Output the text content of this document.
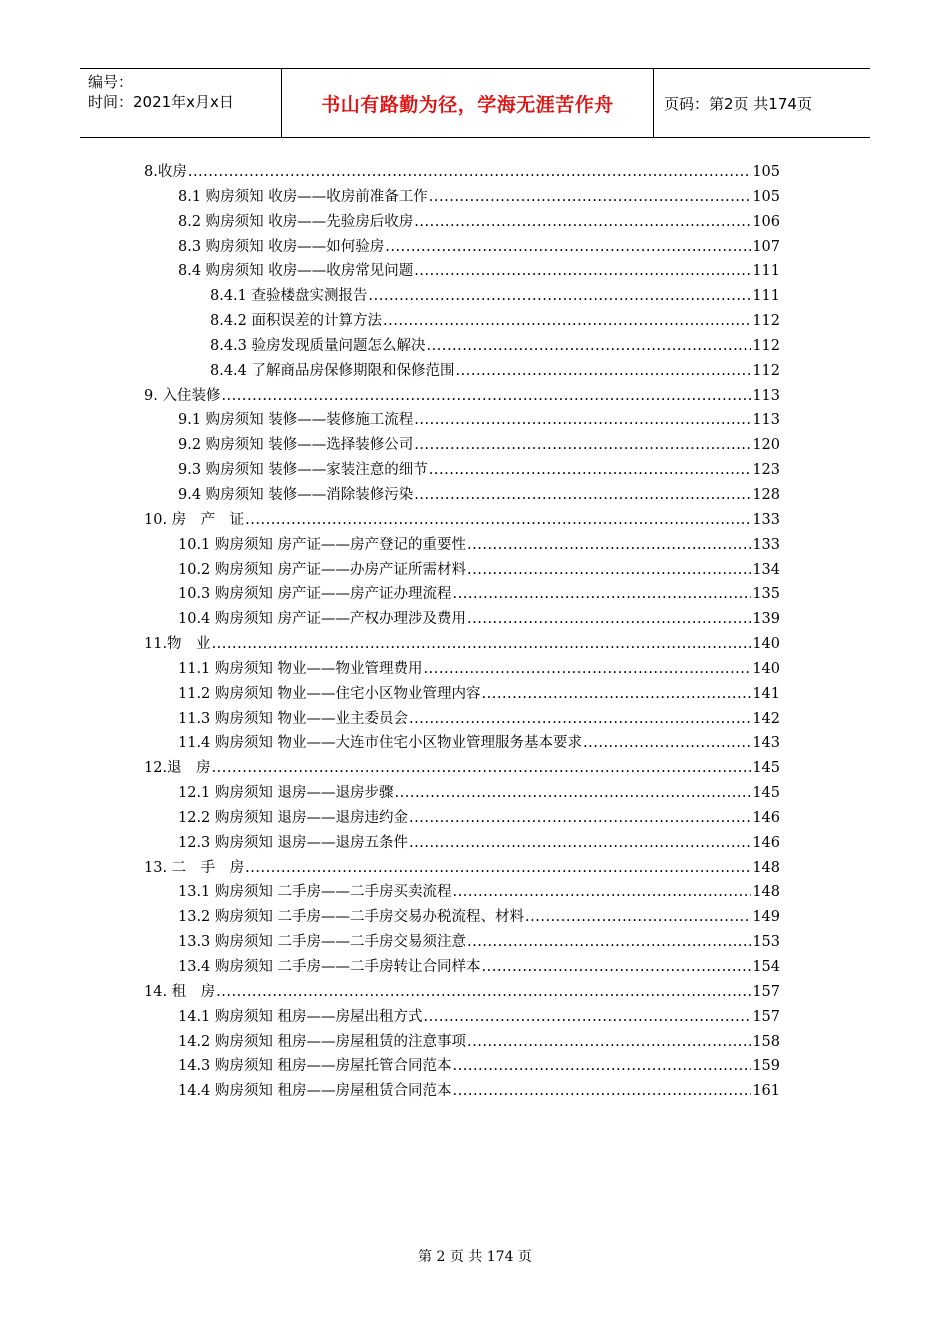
编号：
时间：2021年x月x日	书山有路勤为径，学海无涯苦作舟	页码：第2页 共174页
8.收房 .....	105
8.1 购房须知 收房——收房前准备工作 .....	105
8.2 购房须知 收房——先验房后收房 .....	106
8.3 购房须知 收房——如何验房 .....	107
8.4 购房须知 收房——收房常见问题 .....	111
8.4.1 查验楼盘实测报告 .....	111
8.4.2 面积误差的计算方法 .....	112
8.4.3 验房发现质量问题怎么解决 .....	112
8.4.4 了解商品房保修期限和保修范围 .....	112
9. 入住装修 .....	113
9.1 购房须知 装修——装修施工流程 .....	113
9.2 购房须知 装修——选择装修公司 .....	120
9.3 购房须知 装修——家装注意的细节 .....	123
9.4 购房须知 装修——消除装修污染 .....	128
10. 房　产　证 .....	133
10.1 购房须知 房产证——房产登记的重要性 .....	133
10.2 购房须知 房产证——办房产证所需材料 .....	134
10.3 购房须知 房产证——房产证办理流程 .....	135
10.4 购房须知 房产证——产权办理涉及费用 .....	139
11.物　业 .....	140
11.1 购房须知 物业——物业管理费用 .....	140
11.2 购房须知 物业——住宅小区物业管理内容 .....	141
11.3 购房须知 物业——业主委员会 .....	142
11.4 购房须知 物业——大连市住宅小区物业管理服务基本要求 .....	143
12.退　房 .....	145
12.1 购房须知 退房——退房步骤 .....	145
12.2 购房须知 退房——退房违约金 .....	146
12.3 购房须知 退房——退房五条件 .....	146
13. 二　手　房 .....	148
13.1 购房须知 二手房——二手房买卖流程 .....	148
13.2 购房须知 二手房——二手房交易办税流程、材料 .....	149
13.3 购房须知 二手房——二手房交易须注意 .....	153
13.4 购房须知 二手房——二手房转让合同样本 .....	154
14. 租　房 .....	157
14.1 购房须知 租房——房屋出租方式 .....	157
14.2 购房须知 租房——房屋租赁的注意事项 .....	158
14.3 购房须知 租房——房屋托管合同范本 .....	159
14.4 购房须知 租房——房屋租赁合同范本 .....	161
第 2 页 共 174 页
